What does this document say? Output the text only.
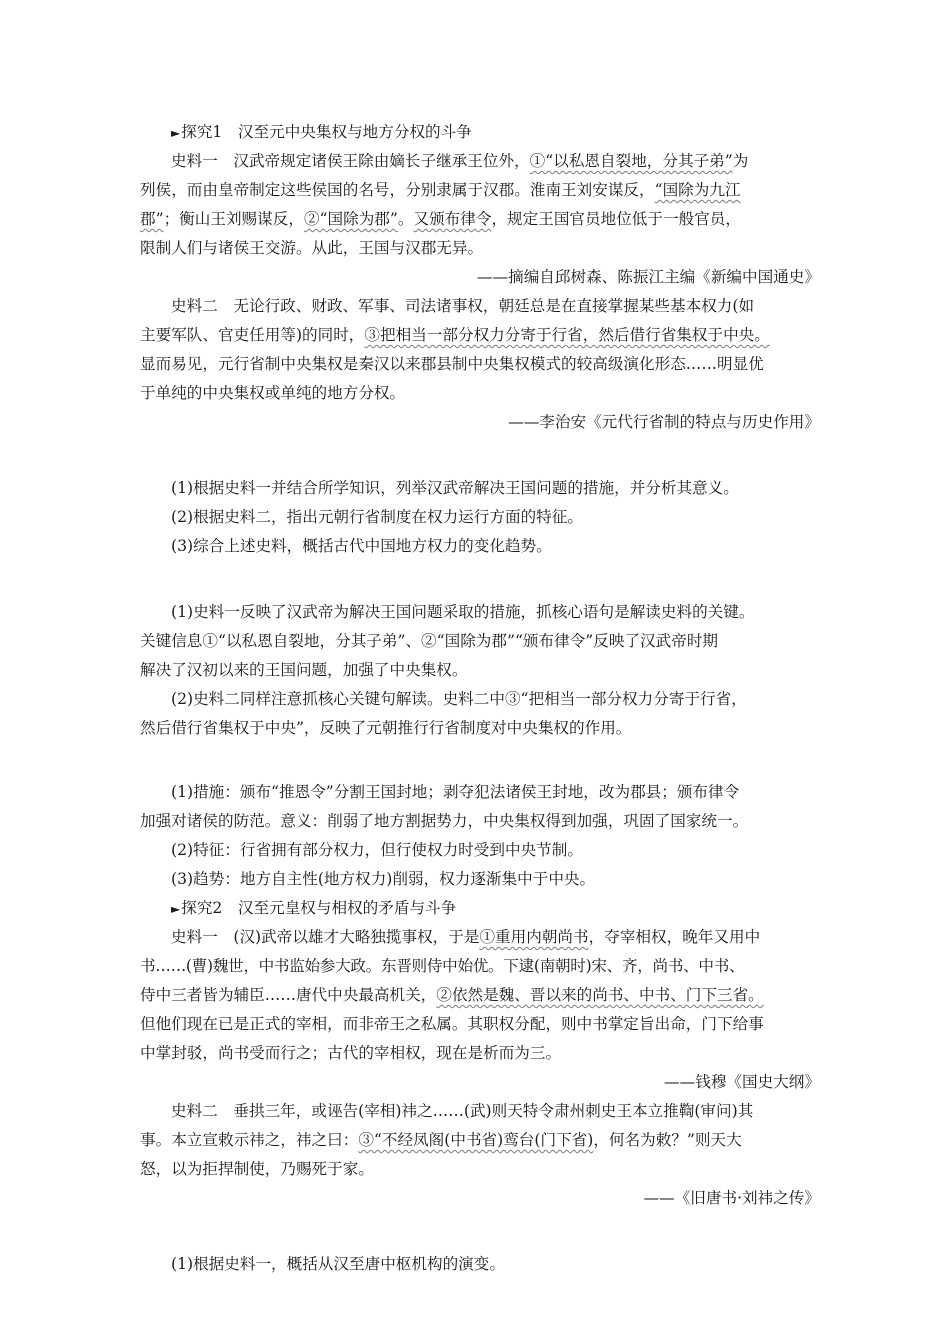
►探究1　汉至元中央集权与地方分权的斗争
史料一　汉武帝规定诸侯王除由嫡长子继承王位外，①“以私恩自裂地，分其子弟”为
列侯，而由皇帝制定这些侯国的名号，分别隶属于汉郡。淮南王刘安谋反，“国除为九江
郡”；衡山王刘赐谋反，②“国除为郡”。又颁布律令，规定王国官员地位低于一般官员，
限制人们与诸侯王交游。从此，王国与汉郡无异。
——摘编自邱树森、陈振江主编《新编中国通史》
史料二　无论行政、财政、军事、司法诸事权，朝廷总是在直接掌握某些基本权力(如
主要军队、官吏任用等)的同时，③把相当一部分权力分寄于行省，然后借行省集权于中央。
显而易见，元行省制中央集权是秦汉以来郡县制中央集权模式的较高级演化形态……明显优
于单纯的中央集权或单纯的地方分权。
——李治安《元代行省制的特点与历史作用》
(1)根据史料一并结合所学知识，列举汉武帝解决王国问题的措施，并分析其意义。
(2)根据史料二，指出元朝行省制度在权力运行方面的特征。
(3)综合上述史料，概括古代中国地方权力的变化趋势。
(1)史料一反映了汉武帝为解决王国问题采取的措施，抓核心语句是解读史料的关键。
关键信息①“以私恩自裂地，分其子弟”、②“国除为郡”“颁布律令”反映了汉武帝时期
解决了汉初以来的王国问题，加强了中央集权。
(2)史料二同样注意抓核心关键句解读。史料二中③“把相当一部分权力分寄于行省，
然后借行省集权于中央”，反映了元朝推行行省制度对中央集权的作用。
(1)措施：颁布“推恩令”分割王国封地；剥夺犯法诸侯王封地，改为郡县；颁布律令
加强对诸侯的防范。意义：削弱了地方割据势力，中央集权得到加强，巩固了国家统一。
(2)特征：行省拥有部分权力，但行使权力时受到中央节制。
(3)趋势：地方自主性(地方权力)削弱，权力逐渐集中于中央。
►探究2　汉至元皇权与相权的矛盾与斗争
史料一　(汉)武帝以雄才大略独揽事权，于是①重用内朝尚书，夺宰相权，晚年又用中
书……(曹)魏世，中书监始参大政。东晋则侍中始优。下逮(南朝时)宋、齐，尚书、中书、
侍中三者皆为辅臣……唐代中央最高机关，②依然是魏、晋以来的尚书、中书、门下三省。
但他们现在已是正式的宰相，而非帝王之私属。其职权分配，则中书掌定旨出命，门下给事
中掌封驳，尚书受而行之；古代的宰相权，现在是析而为三。
——钱穆《国史大纲》
史料二　垂拱三年，或诬告(宰相)祎之……(武)则天特令肃州刺史王本立推鞫(审问)其
事。本立宣敕示祎之，祎之曰：③“不经凤阁(中书省)鸾台(门下省)，何名为敕？”则天大
怒，以为拒捍制使，乃赐死于家。
——《旧唐书·刘祎之传》
(1)根据史料一，概括从汉至唐中枢机构的演变。
